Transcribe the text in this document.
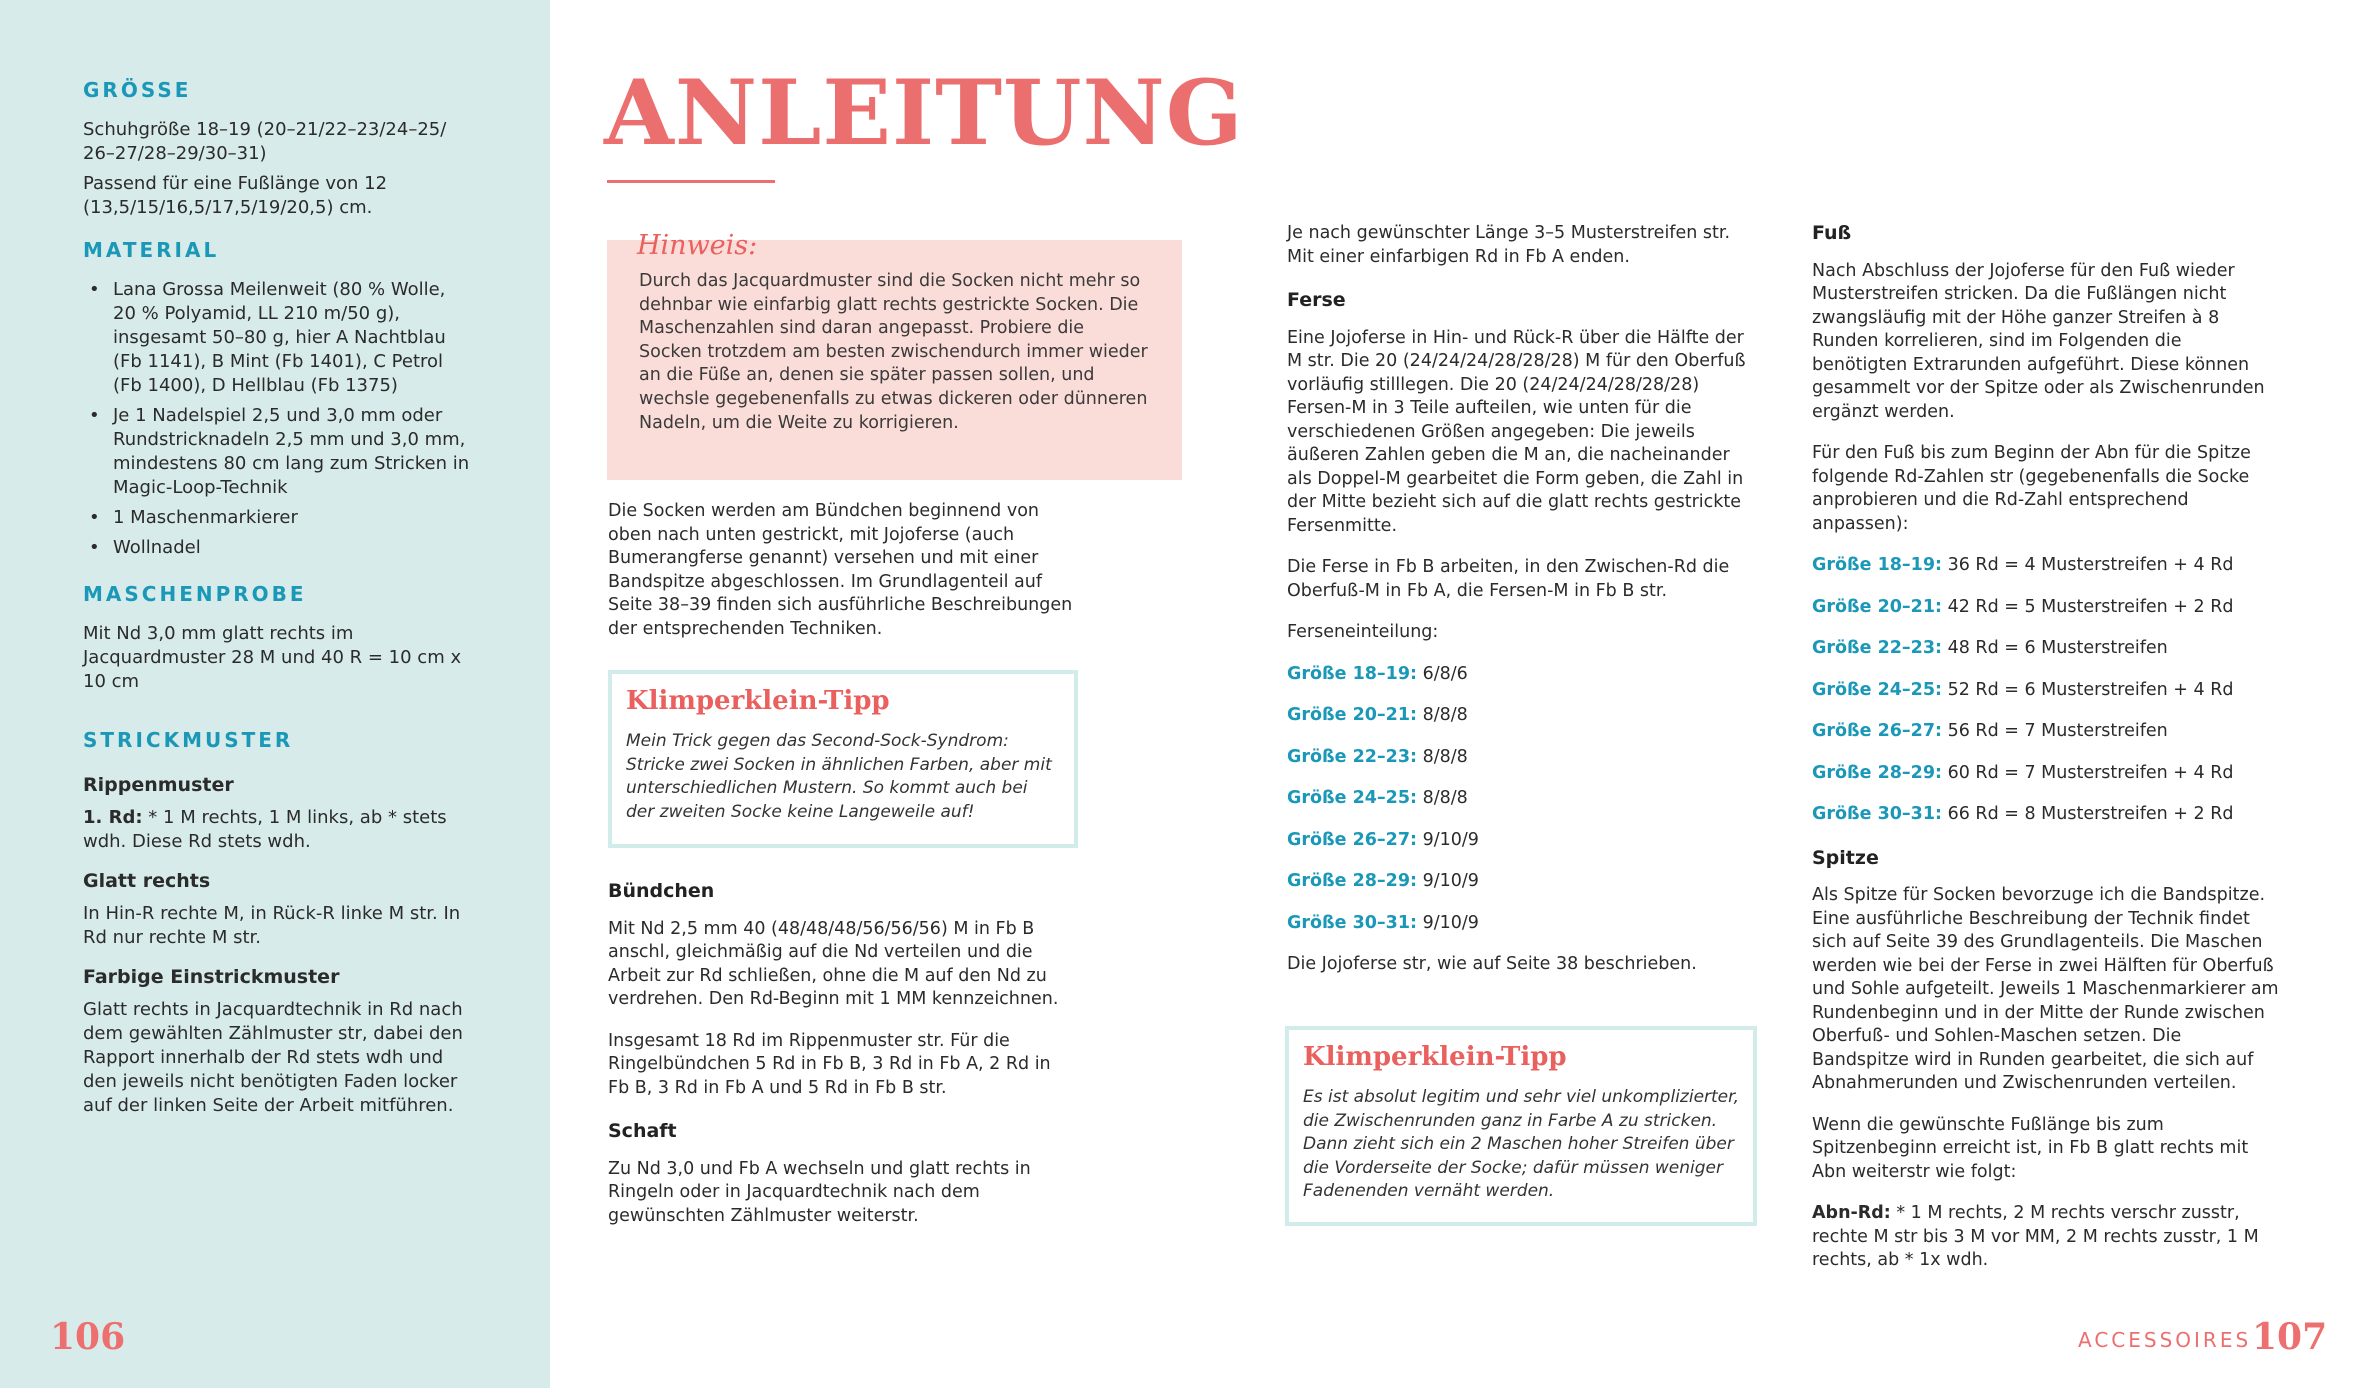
GRÖSSE

Schuhgröße 18–19 (20–21/22–23/24–25/ 26–27/28–29/30–31)

Passend für eine Fußlänge von 12 (13,5/15/16,5/17,5/19/20,5) cm.

MATERIAL
• Lana Grossa Meilenweit (80 % Wolle, 20 % Polyamid, LL 210 m/50 g), insgesamt 50–80 g, hier A Nachtblau (Fb 1141), B Mint (Fb 1401), C Petrol (Fb 1400), D Hellblau (Fb 1375)
• Je 1 Nadelspiel 2,5 und 3,0 mm oder Rundstricknadeln 2,5 mm und 3,0 mm, mindestens 80 cm lang zum Stricken in Magic-Loop-Technik
• 1 Maschenmarkierer
• Wollnadel
MASCHENPROBE

Mit Nd 3,0 mm glatt rechts im Jacquardmuster 28 M und 40 R = 10 cm x 10 cm

STRICKMUSTER
Rippenmuster

1. Rd: * 1 M rechts, 1 M links, ab * stets wdh. Diese Rd stets wdh.

Glatt rechts

In Hin-R rechte M, in Rück-R linke M str. In Rd nur rechte M str.

Farbige Einstrickmuster

Glatt rechts in Jacquardtechnik in Rd nach dem gewählten Zählmuster str, dabei den Rapport innerhalb der Rd stets wdh und den jeweils nicht benötigten Faden locker auf der linken Seite der Arbeit mitführen.

106
ANLEITUNG
Hinweis:

Durch das Jacquardmuster sind die Socken nicht mehr so dehnbar wie einfarbig glatt rechts gestrickte Socken. Die Maschenzahlen sind daran angepasst. Probiere die Socken trotzdem am besten zwischendurch immer wieder an die Füße an, denen sie später passen sollen, und wechsle gegebenenfalls zu etwas dickeren oder dünneren Nadeln, um die Weite zu korrigieren.

Die Socken werden am Bündchen beginnend von oben nach unten gestrickt, mit Jojoferse (auch Bumerangferse genannt) versehen und mit einer Bandspitze abgeschlossen. Im Grundlagenteil auf Seite 38–39 finden sich ausführliche Beschreibungen der entsprechenden Techniken.

Klimperklein-Tipp

Mein Trick gegen das Second-Sock-Syndrom: Stricke zwei Socken in ähnlichen Farben, aber mit unterschiedlichen Mustern. So kommt auch bei der zweiten Socke keine Langeweile auf!

Bündchen

Mit Nd 2,5 mm 40 (48/48/48/56/56/56) M in Fb B anschl, gleichmäßig auf die Nd verteilen und die Arbeit zur Rd schließen, ohne die M auf den Nd zu verdrehen. Den Rd-Beginn mit 1 MM kennzeichnen.

Insgesamt 18 Rd im Rippenmuster str. Für die Ringelbündchen 5 Rd in Fb B, 3 Rd in Fb A, 2 Rd in Fb B, 3 Rd in Fb A und 5 Rd in Fb B str.

Schaft

Zu Nd 3,0 und Fb A wechseln und glatt rechts in Ringeln oder in Jacquardtechnik nach dem gewünschten Zählmuster weiterstr.

Je nach gewünschter Länge 3–5 Musterstreifen str. Mit einer einfarbigen Rd in Fb A enden.

Ferse

Eine Jojoferse in Hin- und Rück-R über die Hälfte der M str. Die 20 (24/24/24/28/28/28) M für den Oberfuß vorläufig stilllegen. Die 20 (24/24/24/28/28/28) Fersen-M in 3 Teile aufteilen, wie unten für die verschiedenen Größen angegeben: Die jeweils äußeren Zahlen geben die M an, die nacheinander als Doppel-M gearbeitet die Form geben, die Zahl in der Mitte bezieht sich auf die glatt rechts gestrickte Fersenmitte.

Die Ferse in Fb B arbeiten, in den Zwischen-Rd die Oberfuß-M in Fb A, die Fersen-M in Fb B str.

Ferseneinteilung:

Größe 18–19: 6/8/6
Größe 20–21: 8/8/8
Größe 22–23: 8/8/8
Größe 24–25: 8/8/8
Größe 26–27: 9/10/9
Größe 28–29: 9/10/9
Größe 30–31: 9/10/9

Die Jojoferse str, wie auf Seite 38 beschrieben.

Klimperklein-Tipp

Es ist absolut legitim und sehr viel unkomplizierter, die Zwischenrunden ganz in Farbe A zu stricken. Dann zieht sich ein 2 Maschen hoher Streifen über die Vorderseite der Socke; dafür müssen weniger Fadenenden vernäht werden.

Fuß

Nach Abschluss der Jojoferse für den Fuß wieder Musterstreifen stricken. Da die Fußlängen nicht zwangsläufig mit der Höhe ganzer Streifen à 8 Runden korrelieren, sind im Folgenden die benötigten Extrarunden aufgeführt. Diese können gesammelt vor der Spitze oder als Zwischenrunden ergänzt werden.

Für den Fuß bis zum Beginn der Abn für die Spitze folgende Rd-Zahlen str (gegebenenfalls die Socke anprobieren und die Rd-Zahl entsprechend anpassen):

Größe 18–19: 36 Rd = 4 Musterstreifen + 4 Rd
Größe 20–21: 42 Rd = 5 Musterstreifen + 2 Rd
Größe 22–23: 48 Rd = 6 Musterstreifen
Größe 24–25: 52 Rd = 6 Musterstreifen + 4 Rd
Größe 26–27: 56 Rd = 7 Musterstreifen
Größe 28–29: 60 Rd = 7 Musterstreifen + 4 Rd
Größe 30–31: 66 Rd = 8 Musterstreifen + 2 Rd
Spitze

Als Spitze für Socken bevorzuge ich die Bandspitze. Eine ausführliche Beschreibung der Technik findet sich auf Seite 39 des Grundlagenteils. Die Maschen werden wie bei der Ferse in zwei Hälften für Oberfuß und Sohle aufgeteilt. Jeweils 1 Maschenmarkierer am Rundenbeginn und in der Mitte der Runde zwischen Oberfuß- und Sohlen-Maschen setzen. Die Bandspitze wird in Runden gearbeitet, die sich auf Abnahmerunden und Zwischenrunden verteilen.

Wenn die gewünschte Fußlänge bis zum Spitzenbeginn erreicht ist, in Fb B glatt rechts mit Abn weiterstr wie folgt:

Abn-Rd: * 1 M rechts, 2 M rechts verschr zusstr, rechte M str bis 3 M vor MM, 2 M rechts zusstr, 1 M rechts, ab * 1x wdh.

ACCESSOIRES 107
